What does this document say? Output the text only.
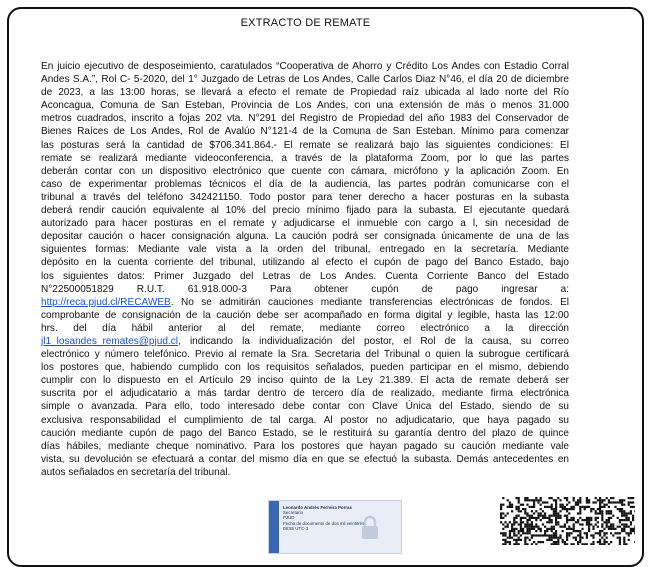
EXTRACTO DE REMATE
En juicio ejecutivo de desposeimiento, caratulados “Cooperativa de Ahorro y Crédito Los Andes con Estadio Corral
Andes S.A.”, Rol C- 5-2020, del 1° Juzgado de Letras de Los Andes, Calle Carlos Diaz N°46, el día 20 de diciembre
de 2023, a las 13:00 horas, se llevará a efecto el remate de Propiedad raíz ubicada al lado norte del Río
Aconcagua, Comuna de San Esteban, Provincia de Los Andes, con una extensión de más o menos 31.000
metros cuadrados, inscrito a fojas 202 vta. N°291 del Registro de Propiedad del año 1983 del Conservador de
Bienes Raíces de Los Andes, Rol de Avalúo N°121-4 de la Comuna de San Esteban. Mínimo para comenzar
las posturas será la cantidad de $706.341.864.- El remate se realizará bajo las siguientes condiciones: El
remate se realizará mediante videoconferencia, a través de la plataforma Zoom, por lo que las partes
deberán contar con un dispositivo electrónico que cuente con cámara, micrófono y la aplicación Zoom. En
caso de experimentar problemas técnicos el día de la audiencia, las partes podrán comunicarse con el
tribunal a través del teléfono 342421150. Todo postor para tener derecho a hacer posturas en la subasta
deberá rendir caución equivalente al 10% del precio mínimo fijado para la subasta. El ejecutante quedará
autorizado para hacer posturas en el remate y adjudicarse el inmueble con cargo a l, sin necesidad de
depositar caución o hacer consignación alguna. La caución podrá ser consignada únicamente de una de las
siguientes formas: Mediante vale vista a la orden del tribunal, entregado en la secretaría. Mediante
depósito en la cuenta corriente del tribunal, utilizando al efecto el cupón de pago del Banco Estado, bajo
los siguientes datos: Primer Juzgado del Letras de Los Andes. Cuenta Corriente Banco del Estado
N°22500051829 R.U.T. 61.918.000-3 Para obtener cupón de pago ingresar a:
http://reca.pjud.cl/RECAWEB. No se admitirán cauciones mediante transferencias electrónicas de fondos. El
comprobante de consignación de la caución debe ser acompañado en forma digital y legible, hasta las 12:00
hrs. del día hábil anterior al del remate, mediante correo electrónico a la dirección
jl1_losandes_remates@pjud.cl, indicando la individualización del postor, el Rol de la causa, su correo
electrónico y número telefónico. Previo al remate la Sra. Secretaria del Tribunal o quien la subrogue certificará
los postores que, habiendo cumplido con los requisitos señalados, pueden participar en el mismo, debiendo
cumplir con lo dispuesto en el Artículo 29 inciso quinto de la Ley 21.389. El acta de remate deberá ser
suscrita por el adjudicatario a más tardar dentro de tercero día de realizado, mediante firma electrónica
simple o avanzada. Para ello, todo interesado debe contar con Clave Única del Estado, siendo de su
exclusiva responsabilidad el cumplimiento de tal carga. Al postor no adjudicatario, que haya pagado su
caución mediante cupón de pago del Banco Estado, se le restituirá su garantía dentro del plazo de quince
días hábiles, mediante cheque nominativo. Para los postores que hayan pagado su caución mediante vale
vista, su devolución se efectuará a contar del mismo día en que se efectuó la subasta. Demás antecedentes en
autos señalados en secretaría del tribunal.
Leonardo Andrés Ferreira Porras
Secretario
PJUD
Fecha de documento de dos mil veintitrés
08:55 UTC-3
